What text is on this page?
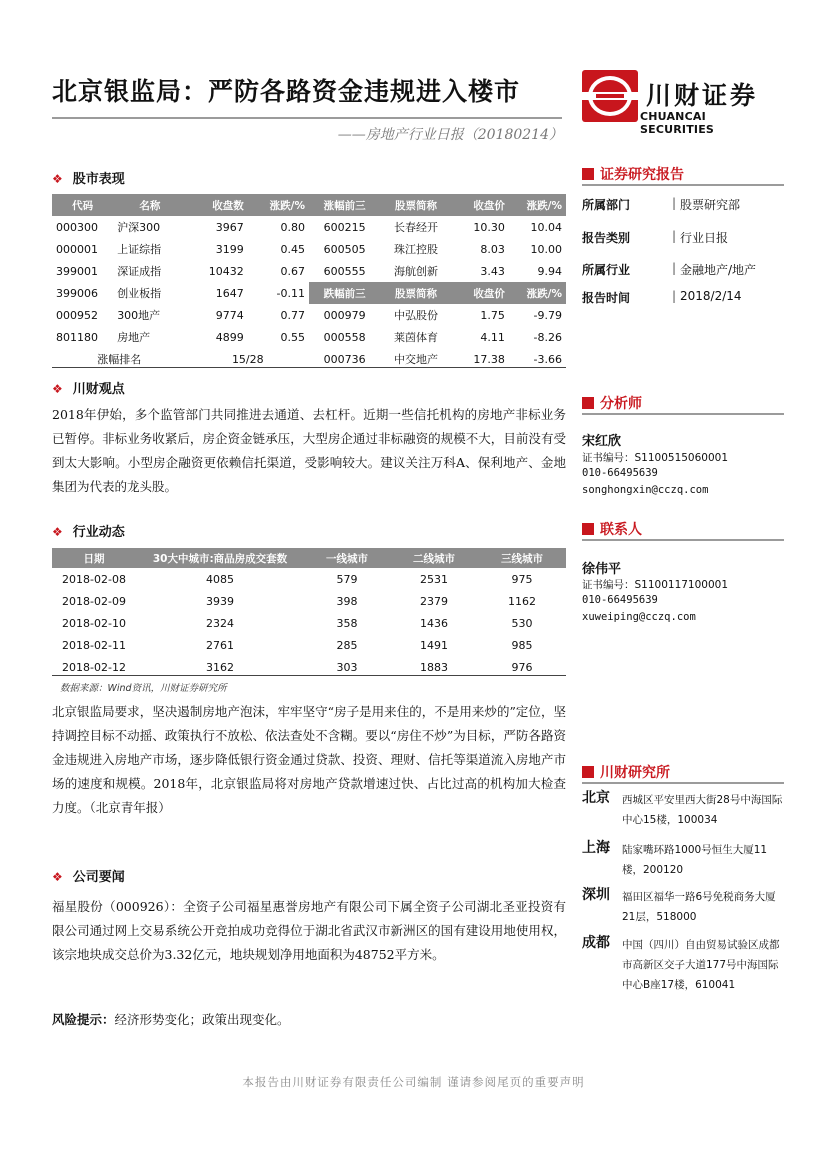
北京银监局：严防各路资金违规进入楼市
——房地产行业日报（20180214）
川财证券
CHUANCAI SECURITIES
❖ 股市表现
代码	名称	收盘数	涨跌/%	涨幅前三	股票简称	收盘价	涨跌/%
000300	沪深300	3967	0.80	600215	长春经开	10.30	10.04
000001	上证综指	3199	0.45	600505	珠江控股	8.03	10.00
399001	深证成指	10432	0.67	600555	海航创新	3.43	9.94
399006	创业板指	1647	-0.11	跌幅前三	股票简称	收盘价	涨跌/%
000952	300地产	9774	0.77	000979	中弘股份	1.75	-9.79
801180	房地产	4899	0.55	000558	莱茵体育	4.11	-8.26
涨幅排名		15/28		000736	中交地产	17.38	-3.66
❖ 川财观点
2018年伊始，多个监管部门共同推进去通道、去杠杆。近期一些信托机构的房地产非标业务已暂停。非标业务收紧后，房企资金链承压，大型房企通过非标融资的规模不大，目前没有受到太大影响。小型房企融资更依赖信托渠道，受影响较大。建议关注万科A、保利地产、金地集团为代表的龙头股。
❖ 行业动态
日期	30大中城市:商品房成交套数	一线城市	二线城市	三线城市
2018-02-08	4085	579	2531	975
2018-02-09	3939	398	2379	1162
2018-02-10	2324	358	1436	530
2018-02-11	2761	285	1491	985
2018-02-12	3162	303	1883	976
数据来源：Wind资讯，川财证券研究所
北京银监局要求，坚决遏制房地产泡沫，牢牢坚守“房子是用来住的，不是用来炒的”定位，坚持调控目标不动摇、政策执行不放松、依法查处不含糊。要以“房住不炒”为目标，严防各路资金违规进入房地产市场，逐步降低银行资金通过贷款、投资、理财、信托等渠道流入房地产市场的速度和规模。2018年，北京银监局将对房地产贷款增速过快、占比过高的机构加大检查力度。（北京青年报）
❖ 公司要闻
福星股份（000926）：全资子公司福星惠誉房地产有限公司下属全资子公司湖北圣亚投资有限公司通过网上交易系统公开竞拍成功竞得位于湖北省武汉市新洲区的国有建设用地使用权，该宗地块成交总价为3.32亿元，地块规划净用地面积为48752平方米。
风险提示：经济形势变化；政策出现变化。
证券研究报告
所属部门	| 股票研究部
报告类别	| 行业日报
所属行业	| 金融地产/地产
报告时间	| 2018/2/14
分析师
宋红欣
证书编号：S1100515060001
010-66495639
songhongxin@cczq.com
联系人
徐伟平
证书编号：S1100117100001
010-66495639
xuweiping@cczq.com
川财研究所
北京 西城区平安里西大街28号中海国际中心15楼，100034
上海 陆家嘴环路1000号恒生大厦11楼，200120
深圳 福田区福华一路6号免税商务大厦21层，518000
成都 中国（四川）自由贸易试验区成都市高新区交子大道177号中海国际中心B座17楼，610041
本报告由川财证券有限责任公司编制 谨请参阅尾页的重要声明
